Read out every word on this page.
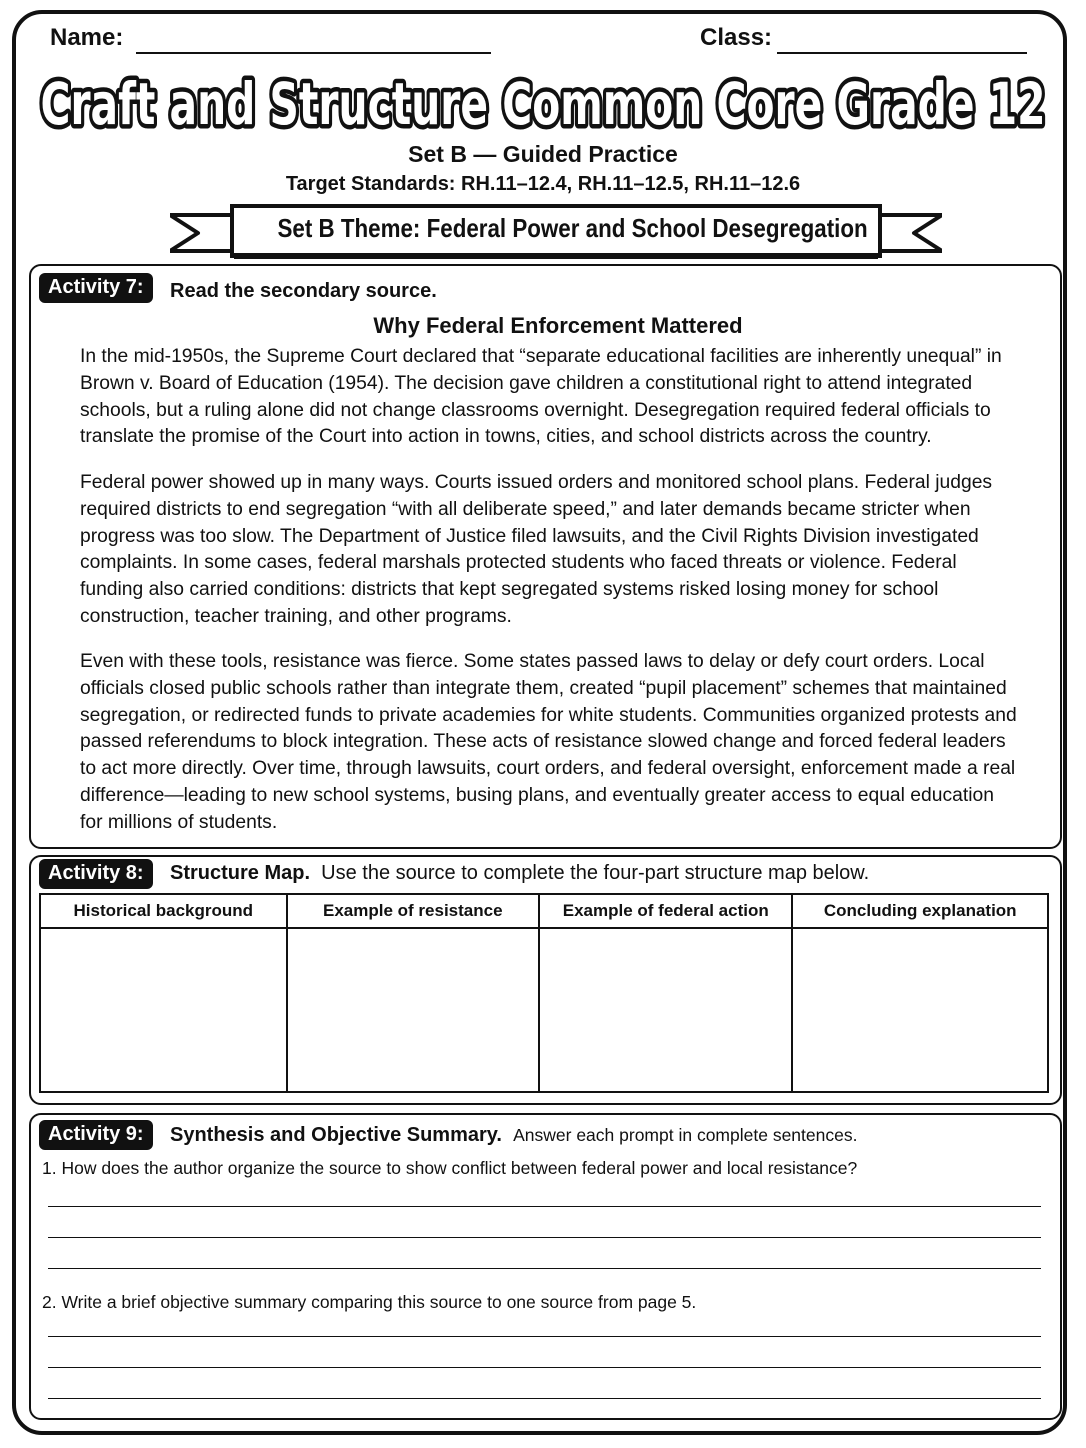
Name:	Class:
Craft and Structure Common Core Grade 12
Craft and Structure Common Core Grade 12
Set B — Guided Practice
Target Standards: RH.11–12.4, RH.11–12.5, RH.11–12.6
Set B Theme: Federal Power and School Desegregation
Activity 7:	Read the secondary source.
Why Federal Enforcement Mattered

In the mid-1950s, the Supreme Court declared that “separate educational facilities are inherently unequal” in Brown v. Board of Education (1954). The decision gave children a constitutional right to attend integrated schools, but a ruling alone did not change classrooms overnight. Desegregation required federal officials to translate the promise of the Court into action in towns, cities, and school districts across the country.

Federal power showed up in many ways. Courts issued orders and monitored school plans. Federal judges required districts to end segregation “with all deliberate speed,” and later demands became stricter when progress was too slow. The Department of Justice filed lawsuits, and the Civil Rights Division investigated complaints. In some cases, federal marshals protected students who faced threats or violence. Federal funding also carried conditions: districts that kept segregated systems risked losing money for school construction, teacher training, and other programs.

Even with these tools, resistance was fierce. Some states passed laws to delay or defy court orders. Local officials closed public schools rather than integrate them, created “pupil placement” schemes that maintained segregation, or redirected funds to private academies for white students. Communities organized protests and passed referendums to block integration. These acts of resistance slowed change and forced federal leaders to act more directly. Over time, through lawsuits, court orders, and federal oversight, enforcement made a real difference—leading to new school systems, busing plans, and eventually greater access to equal education for millions of students.

Activity 8:	Structure Map. Use the source to complete the four-part structure map below.
Historical background	Example of resistance	Example of federal action	Concluding explanation

Activity 9:	Synthesis and Objective Summary. Answer each prompt in complete sentences.
1. How does the author organize the source to show conflict between federal power and local resistance?
2. Write a brief objective summary comparing this source to one source from page 5.
